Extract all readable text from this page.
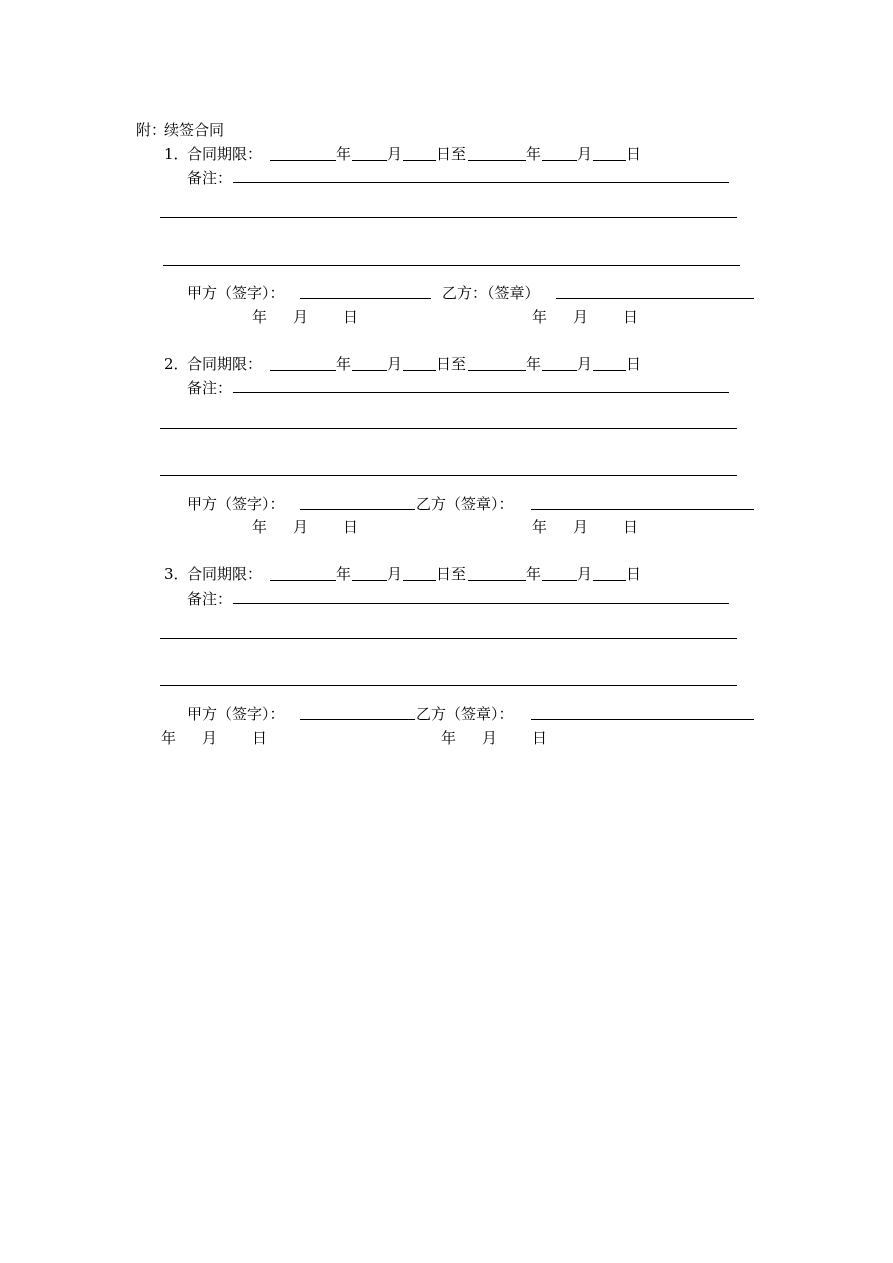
附：
续签合同
1．
合同期限：	年 月 日至	年 月 日
备注：
甲方（签字）：	乙方：（签章）
年 月 日	年 月 日
2．
合同期限：	年 月 日至	年 月 日
备注：
甲方（签字）：	乙方（签章）：
年 月 日	年 月 日
3．
合同期限：	年 月 日至	年 月 日
备注：
甲方（签字）：	乙方（签章）：
年 月 日	年 月 日
